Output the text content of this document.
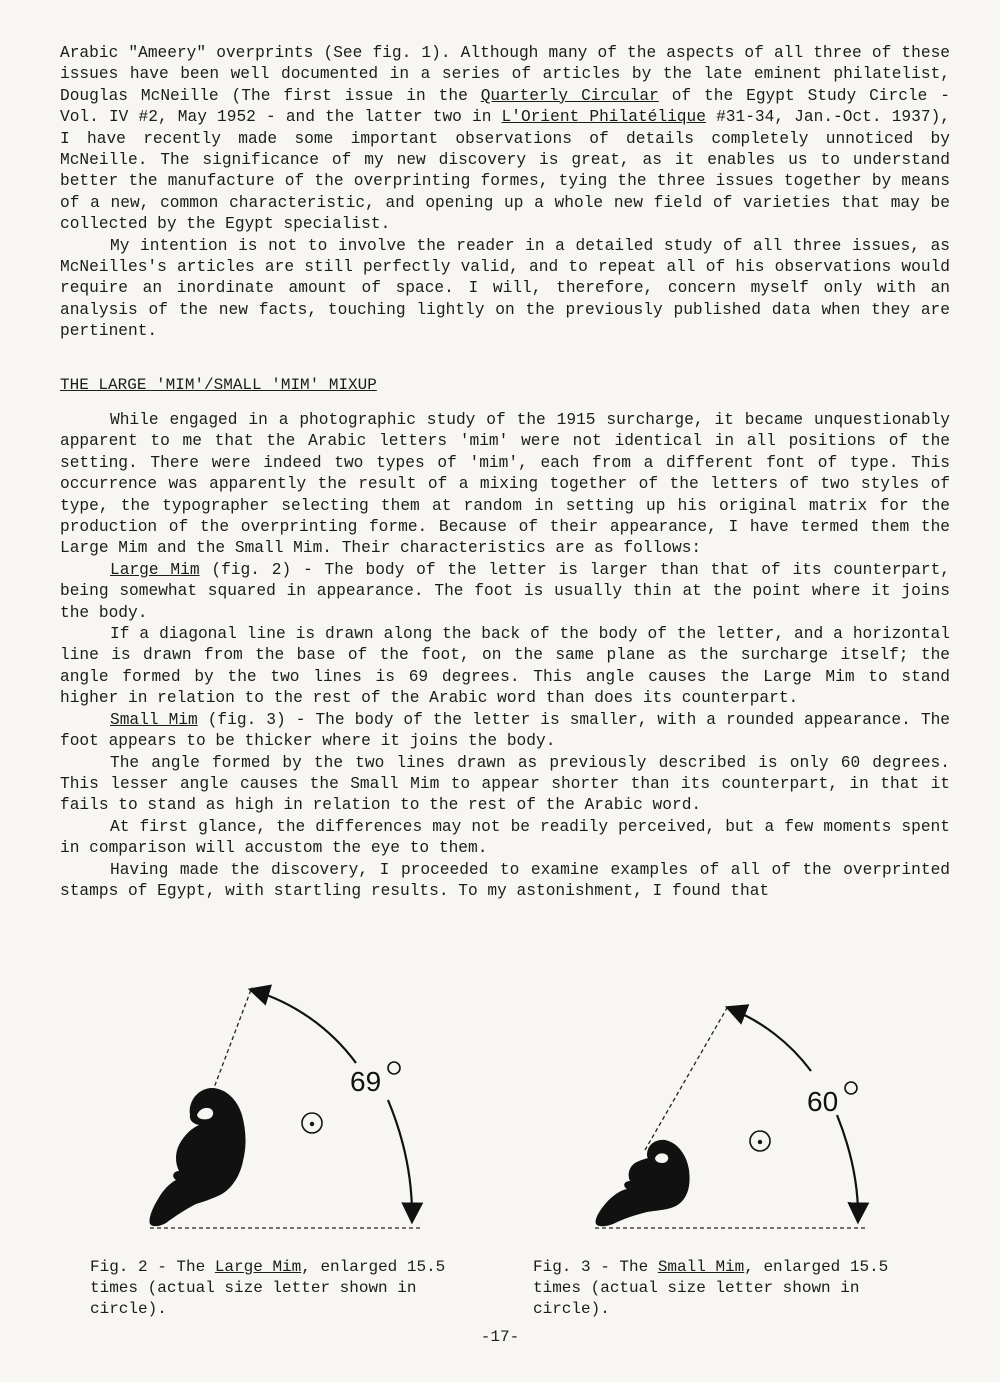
Arabic "Ameery" overprints (See fig. 1). Although many of the aspects of all three of these issues have been well documented in a series of articles by the late eminent philatelist, Douglas McNeille (The first issue in the Quarterly Circular of the Egypt Study Circle - Vol. IV #2, May 1952 - and the latter two in L'Orient Philatélique #31-34, Jan.-Oct. 1937), I have recently made some important observations of details completely unnoticed by McNeille. The significance of my new discovery is great, as it enables us to understand better the manufacture of the overprinting formes, tying the three issues together by means of a new, common characteristic, and opening up a whole new field of varieties that may be collected by the Egypt specialist.

My intention is not to involve the reader in a detailed study of all three issues, as McNeilles's articles are still perfectly valid, and to repeat all of his observations would require an inordinate amount of space. I will, therefore, concern myself only with an analysis of the new facts, touching lightly on the previously published data when they are pertinent.

THE LARGE 'MIM'/SMALL 'MIM' MIXUP

While engaged in a photographic study of the 1915 surcharge, it became unquestionably apparent to me that the Arabic letters 'mim' were not identical in all positions of the setting. There were indeed two types of 'mim', each from a different font of type. This occurrence was apparently the result of a mixing together of the letters of two styles of type, the typographer selecting them at random in setting up his original matrix for the production of the overprinting forme. Because of their appearance, I have termed them the Large Mim and the Small Mim. Their characteristics are as follows:

Large Mim (fig. 2) - The body of the letter is larger than that of its counterpart, being somewhat squared in appearance. The foot is usually thin at the point where it joins the body.

If a diagonal line is drawn along the back of the body of the letter, and a horizontal line is drawn from the base of the foot, on the same plane as the surcharge itself; the angle formed by the two lines is 69 degrees. This angle causes the Large Mim to stand higher in relation to the rest of the Arabic word than does its counterpart.

Small Mim (fig. 3) - The body of the letter is smaller, with a rounded appearance. The foot appears to be thicker where it joins the body.

The angle formed by the two lines drawn as previously described is only 60 degrees. This lesser angle causes the Small Mim to appear shorter than its counterpart, in that it fails to stand as high in relation to the rest of the Arabic word.

At first glance, the differences may not be readily perceived, but a few moments spent in comparison will accustom the eye to them.

Having made the discovery, I proceeded to examine examples of all of the overprinted stamps of Egypt, with startling results. To my astonishment, I found that

69
Fig. 2 - The Large Mim, enlarged 15.5 times (actual size letter shown in circle).
60
Fig. 3 - The Small Mim, enlarged 15.5 times (actual size letter shown in circle).
-17-
